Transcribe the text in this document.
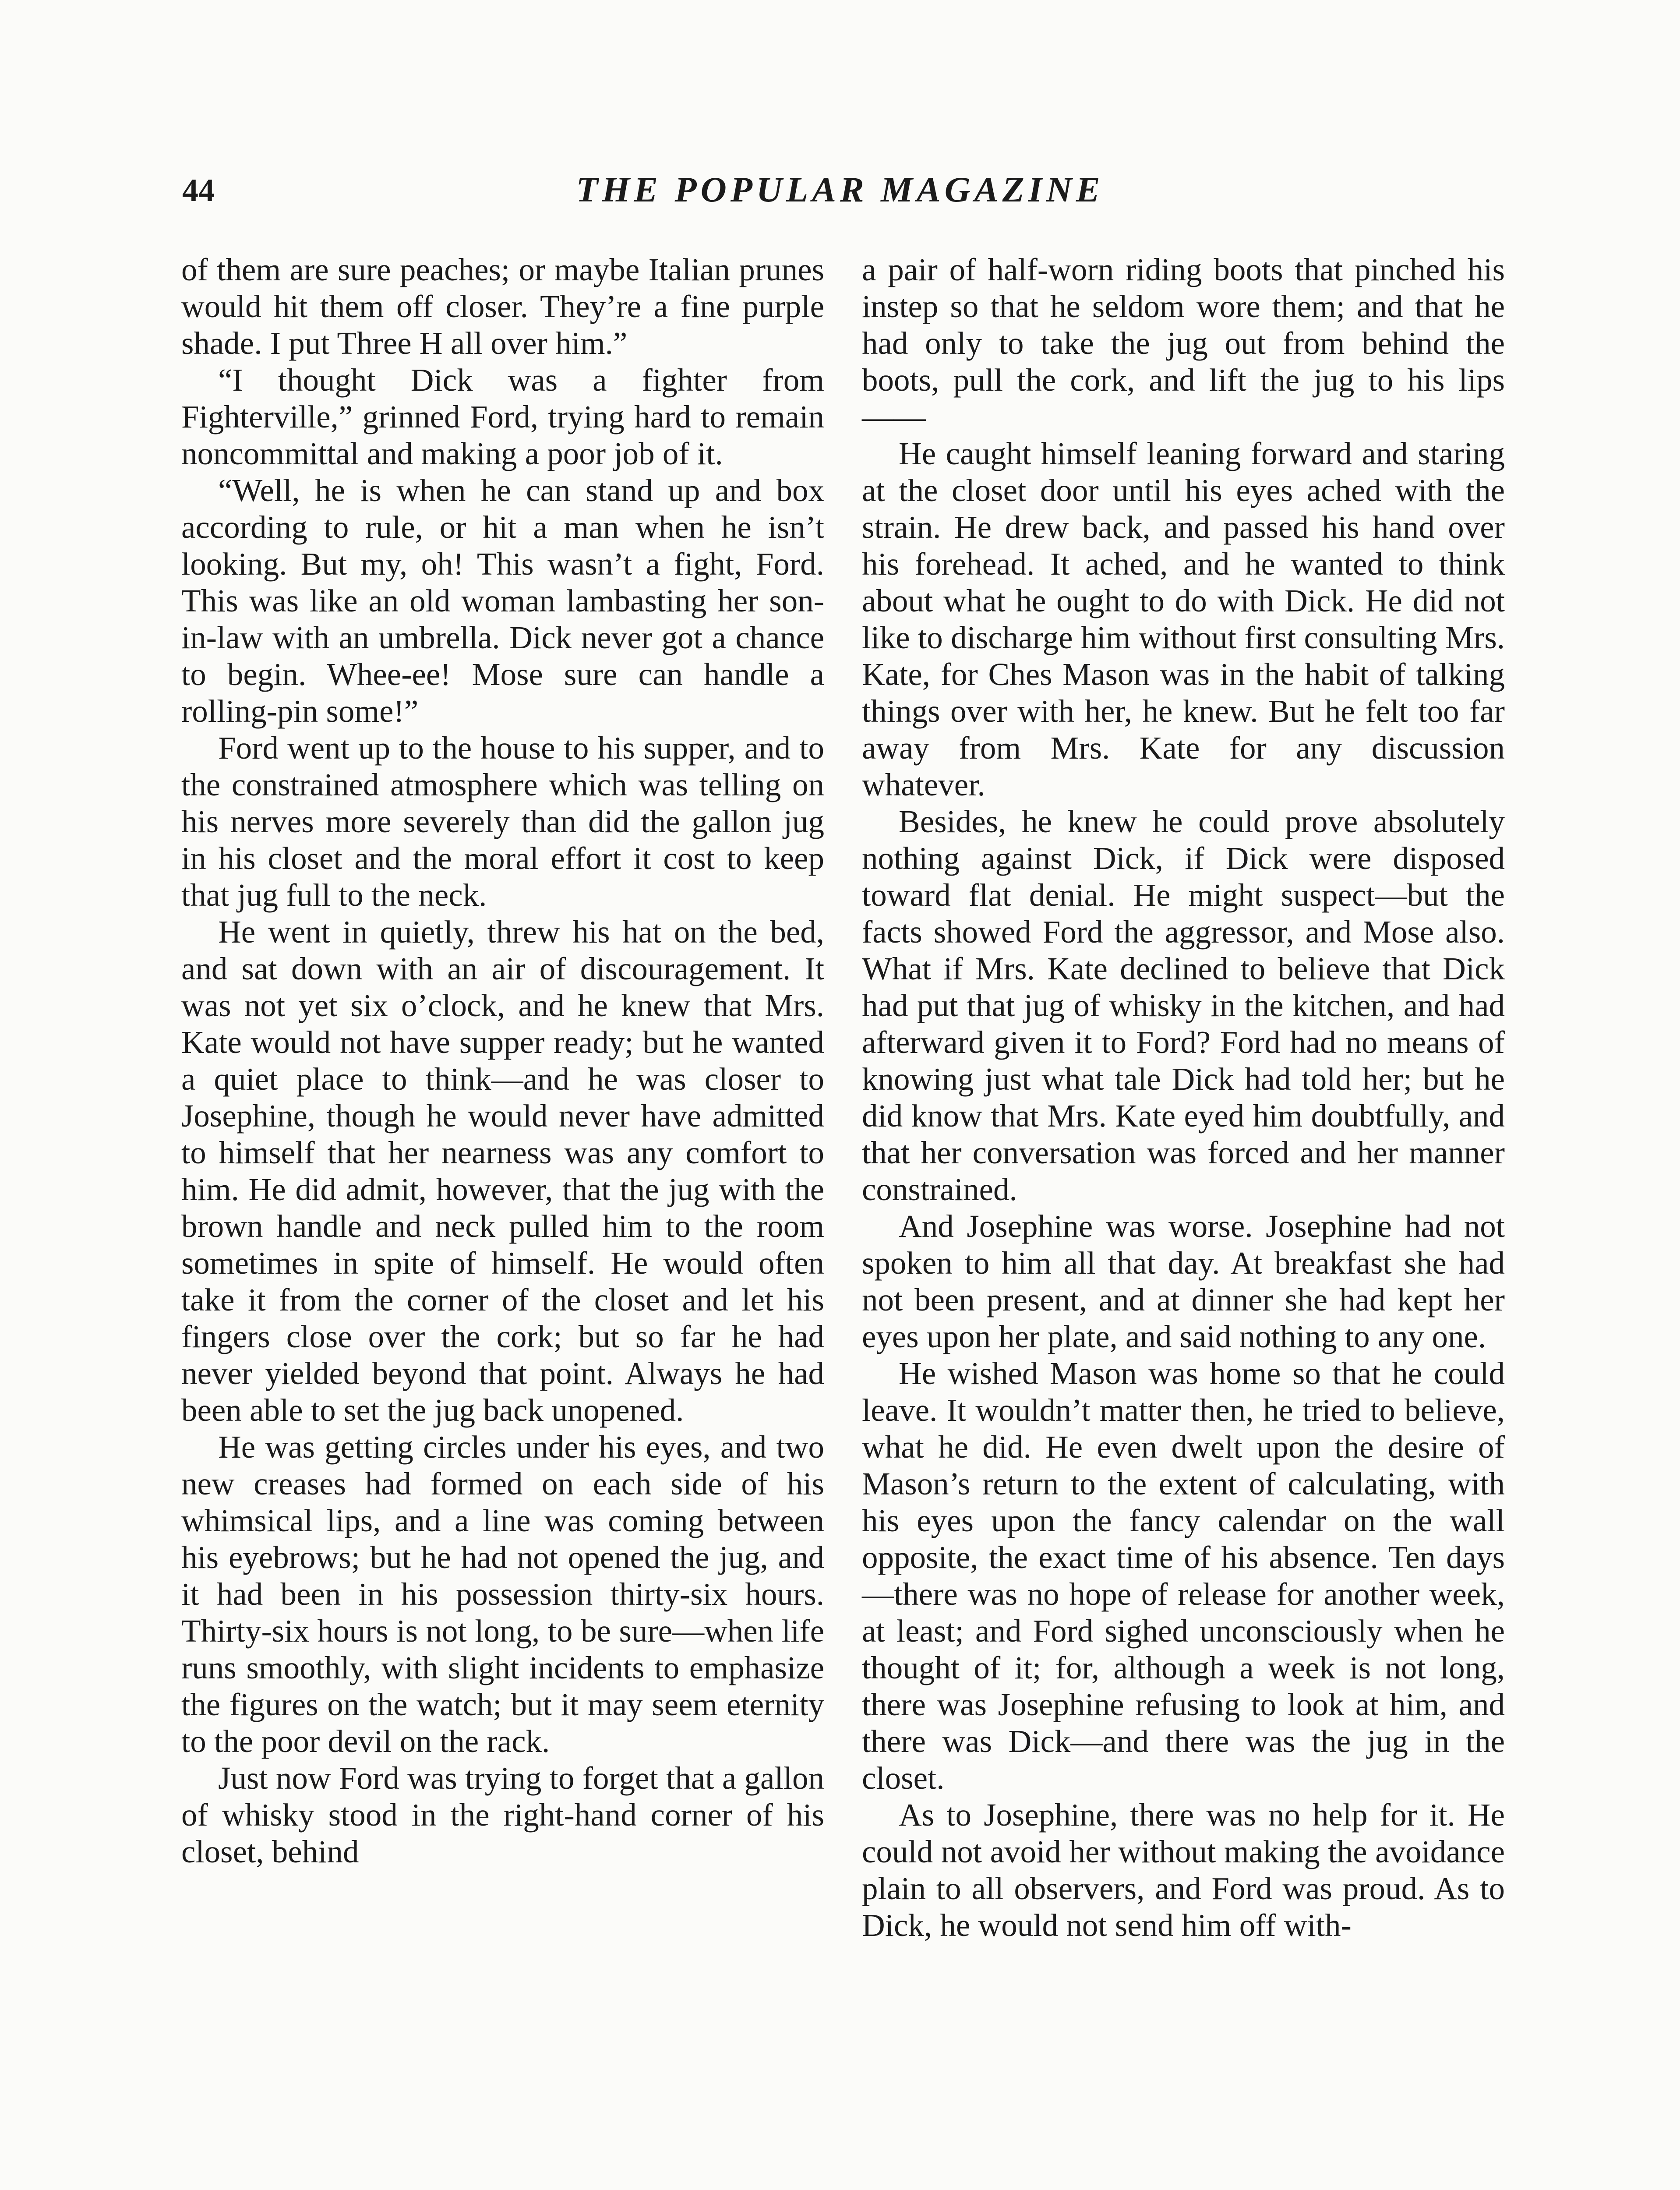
44	THE POPULAR MAGAZINE

of them are sure peaches; or maybe Italian prunes would hit them off closer. They’re a fine purple shade. I put Three H all over him.”

“I thought Dick was a fighter from Fighterville,” grinned Ford, trying hard to remain noncommittal and making a poor job of it.

“Well, he is when he can stand up and box according to rule, or hit a man when he isn’t looking. But my, oh! This wasn’t a fight, Ford. This was like an old woman lambasting her son-in-law with an umbrella. Dick never got a chance to begin. Whee-ee! Mose sure can handle a rolling-pin some!”

Ford went up to the house to his supper, and to the constrained atmosphere which was telling on his nerves more severely than did the gallon jug in his closet and the moral effort it cost to keep that jug full to the neck.

He went in quietly, threw his hat on the bed, and sat down with an air of discouragement. It was not yet six o’clock, and he knew that Mrs. Kate would not have supper ready; but he wanted a quiet place to think—and he was closer to Josephine, though he would never have admitted to himself that her nearness was any comfort to him. He did admit, however, that the jug with the brown handle and neck pulled him to the room sometimes in spite of himself. He would often take it from the corner of the closet and let his fingers close over the cork; but so far he had never yielded beyond that point. Always he had been able to set the jug back unopened.

He was getting circles under his eyes, and two new creases had formed on each side of his whimsical lips, and a line was coming between his eyebrows; but he had not opened the jug, and it had been in his possession thirty-six hours. Thirty-six hours is not long, to be sure—when life runs smoothly, with slight incidents to emphasize the figures on the watch; but it may seem eternity to the poor devil on the rack.

Just now Ford was trying to forget that a gallon of whisky stood in the right-hand corner of his closet, behind

a pair of half-worn riding boots that pinched his instep so that he seldom wore them; and that he had only to take the jug out from behind the boots, pull the cork, and lift the jug to his lips——

He caught himself leaning forward and staring at the closet door until his eyes ached with the strain. He drew back, and passed his hand over his forehead. It ached, and he wanted to think about what he ought to do with Dick. He did not like to discharge him without first consulting Mrs. Kate, for Ches Mason was in the habit of talking things over with her, he knew. But he felt too far away from Mrs. Kate for any discussion whatever.

Besides, he knew he could prove absolutely nothing against Dick, if Dick were disposed toward flat denial. He might suspect—but the facts showed Ford the aggressor, and Mose also. What if Mrs. Kate declined to believe that Dick had put that jug of whisky in the kitchen, and had afterward given it to Ford? Ford had no means of knowing just what tale Dick had told her; but he did know that Mrs. Kate eyed him doubtfully, and that her conversation was forced and her manner constrained.

And Josephine was worse. Josephine had not spoken to him all that day. At breakfast she had not been present, and at dinner she had kept her eyes upon her plate, and said nothing to any one.

He wished Mason was home so that he could leave. It wouldn’t matter then, he tried to believe, what he did. He even dwelt upon the desire of Mason’s return to the extent of calculating, with his eyes upon the fancy calendar on the wall opposite, the exact time of his absence. Ten days—there was no hope of release for another week, at least; and Ford sighed unconsciously when he thought of it; for, although a week is not long, there was Josephine refusing to look at him, and there was Dick—and there was the jug in the closet.

As to Josephine, there was no help for it. He could not avoid her without making the avoidance plain to all observers, and Ford was proud. As to Dick, he would not send him off with-
